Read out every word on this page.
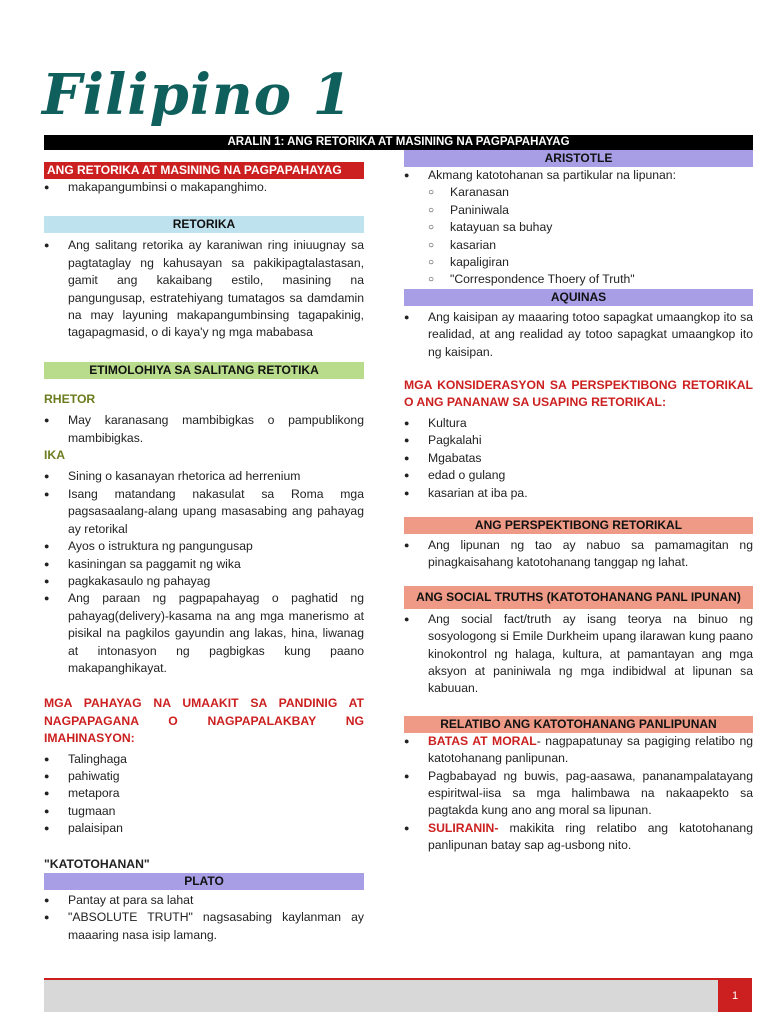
Filipino 1
ARALIN 1: ANG RETORIKA AT MASINING NA PAGPAPAHAYAG
ANG RETORIKA AT MASINING NA PAGPAPAHAYAG
● makapangumbinsi o makapanghimo.
RETORIKA
● Ang salitang retorika ay karaniwan ring iniuugnay sa pagtataglay ng kahusayan sa pakikipagtalastasan, gamit ang kakaibang estilo, masining na pangungusap, estratehiyang tumatagos sa damdamin na may layuning makapangumbinsing tagapakinig, tagapagmasid, o di kaya'y ng mga mababasa
ETIMOLOHIYA SA SALITANG RETOTIKA
RHETOR
● May karanasang mambibigkas o pampublikong mambibigkas.
IKA
● Sining o kasanayan rhetorica ad herrenium
● Isang matandang nakasulat sa Roma mga pagsasaalang-alang upang masasabing ang pahayag ay retorikal
● Ayos o istruktura ng pangungusap
● kasiningan sa paggamit ng wika
● pagkakasaulo ng pahayag
● Ang paraan ng pagpapahayag o paghatid ng pahayag(delivery)-kasama na ang mga manerismo at pisikal na pagkilos gayundin ang lakas, hina, liwanag at intonasyon ng pagbigkas kung paano makapanghikayat.
MGA PAHAYAG NA UMAAKIT SA PANDINIG AT NAGPAPAGANA O NAGPAPALAKBAY NG IMAHINASYON:
● Talinghaga
● pahiwatig
● metapora
● tugmaan
● palaisipan
"KATOTOHANAN"
PLATO
● Pantay at para sa lahat
● "ABSOLUTE TRUTH" nagsasabing kaylanman ay maaaring nasa isip lamang.
ARISTOTLE
● Akmang katotohanan sa partikular na lipunan:
○ Karanasan
○ Paniniwala
○ katayuan sa buhay
○ kasarian
○ kapaligiran
○ "Correspondence Thoery of Truth"
AQUINAS
● Ang kaisipan ay maaaring totoo sapagkat umaangkop ito sa realidad, at ang realidad ay totoo sapagkat umaangkop ito ng kaisipan.
MGA KONSIDERASYON SA PERSPEKTIBONG RETORIKAL O ANG PANANAW SA USAPING RETORIKAL:
● Kultura
● Pagkalahi
● Mgabatas
● edad o gulang
● kasarian at iba pa.
ANG PERSPEKTIBONG RETORIKAL
● Ang lipunan ng tao ay nabuo sa pamamagitan ng pinagkaisahang katotohanang tanggap ng lahat.
ANG SOCIAL TRUTHS (KATOTOHANANG PANL IPUNAN)
● Ang social fact/truth ay isang teorya na binuo ng sosyologong si Emile Durkheim upang ilarawan kung paano kinokontrol ng halaga, kultura, at pamantayan ang mga aksyon at paniniwala ng mga indibidwal at lipunan sa kabuuan.
RELATIBO ANG KATOTOHANANG PANLIPUNAN
● BATAS AT MORAL- nagpapatunay sa pagiging relatibo ng katotohanang panlipunan.
● Pagbabayad ng buwis, pag-aasawa, pananampalatayang espiritwal-iisa sa mga halimbawa na nakaapekto sa pagtakda kung ano ang moral sa lipunan.
● SULIRANIN- makikita ring relatibo ang katotohanang panlipunan batay sap ag-usbong nito.
1
